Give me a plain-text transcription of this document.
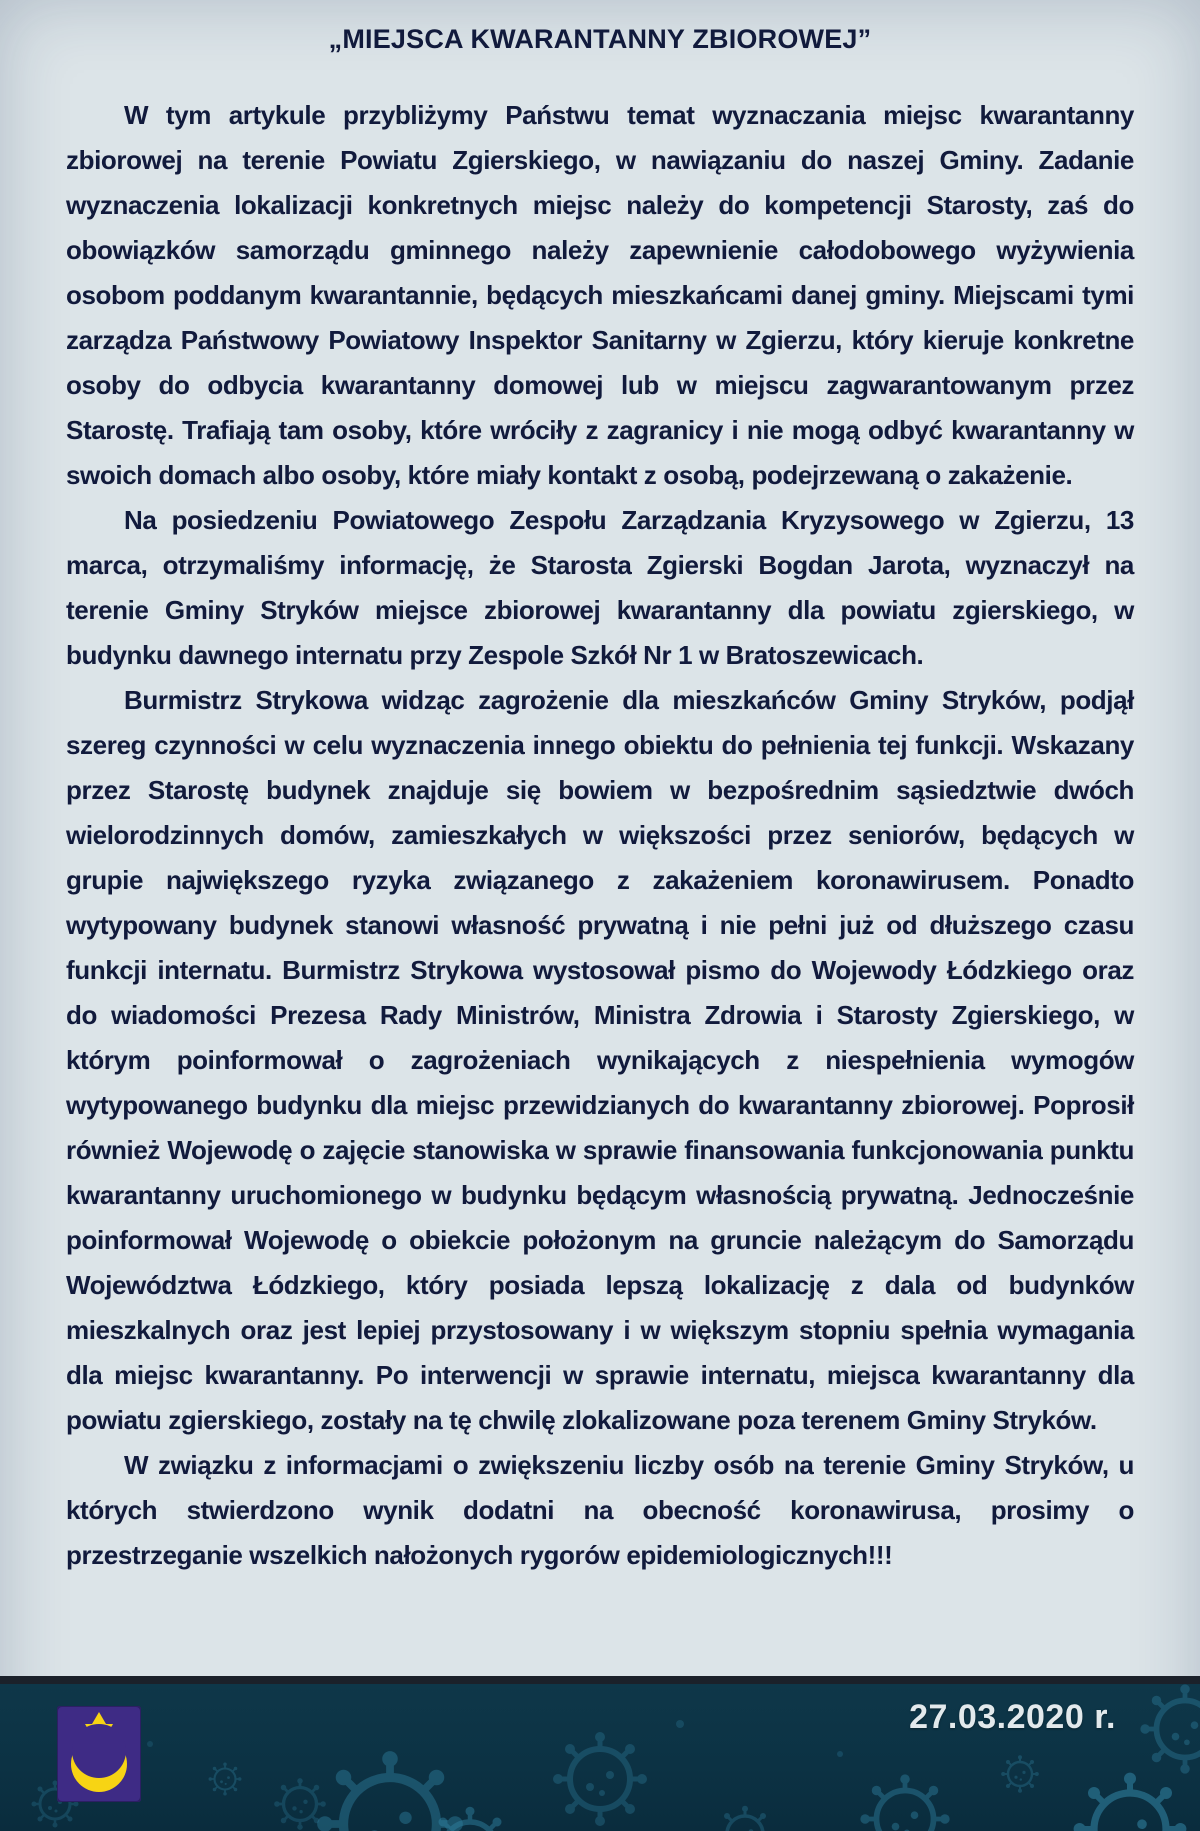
„MIEJSCA KWARANTANNY ZBIOROWEJ”

W tym artykule przybliżymy Państwu temat wyznaczania miejsc kwarantanny zbiorowej na terenie Powiatu Zgierskiego, w nawiązaniu do naszej Gminy. Zadanie wyznaczenia lokalizacji konkretnych miejsc należy do kompetencji Starosty, zaś do obowiązków samorządu gminnego należy zapewnienie całodobowego wyżywienia osobom poddanym kwarantannie, będących mieszkańcami danej gminy. Miejscami tymi zarządza Państwowy Powiatowy Inspektor Sanitarny w Zgierzu, który kieruje konkretne osoby do odbycia kwarantanny domowej lub w miejscu zagwarantowanym przez Starostę. Trafiają tam osoby, które wróciły z zagranicy i nie mogą odbyć kwarantanny w swoich domach albo osoby, które miały kontakt z osobą, podejrzewaną o zakażenie.

Na posiedzeniu Powiatowego Zespołu Zarządzania Kryzysowego w Zgierzu, 13 marca, otrzymaliśmy informację, że Starosta Zgierski Bogdan Jarota, wyznaczył na terenie Gminy Stryków miejsce zbiorowej kwarantanny dla powiatu zgierskiego, w budynku dawnego internatu przy Zespole Szkół Nr 1 w Bratoszewicach.

Burmistrz Strykowa widząc zagrożenie dla mieszkańców Gminy Stryków, podjął szereg czynności w celu wyznaczenia innego obiektu do pełnienia tej funkcji. Wskazany przez Starostę budynek znajduje się bowiem w bezpośrednim sąsiedztwie dwóch wielorodzinnych domów, zamieszkałych w większości przez seniorów, będących w grupie największego ryzyka związanego z zakażeniem koronawirusem. Ponadto wytypowany budynek stanowi własność prywatną i nie pełni już od dłuższego czasu funkcji internatu. Burmistrz Strykowa wystosował pismo do Wojewody Łódzkiego oraz do wiadomości Prezesa Rady Ministrów, Ministra Zdrowia i Starosty Zgierskiego, w którym poinformował o zagrożeniach wynikających z niespełnienia wymogów wytypowanego budynku dla miejsc przewidzianych do kwarantanny zbiorowej. Poprosił również Wojewodę o zajęcie stanowiska w sprawie finansowania funkcjonowania punktu kwarantanny uruchomionego w budynku będącym własnością prywatną. Jednocześnie poinformował Wojewodę o obiekcie położonym na gruncie należącym do Samorządu Województwa Łódzkiego, który posiada lepszą lokalizację z dala od budynków mieszkalnych oraz jest lepiej przystosowany i w większym stopniu spełnia wymagania dla miejsc kwarantanny. Po interwencji w sprawie internatu, miejsca kwarantanny dla powiatu zgierskiego, zostały na tę chwilę zlokalizowane poza terenem Gminy Stryków.

W związku z informacjami o zwiększeniu liczby osób na terenie Gminy Stryków, u których stwierdzono wynik dodatni na obecność koronawirusa, prosimy o przestrzeganie wszelkich nałożonych rygorów epidemiologicznych!!!

27.03.2020 r.
